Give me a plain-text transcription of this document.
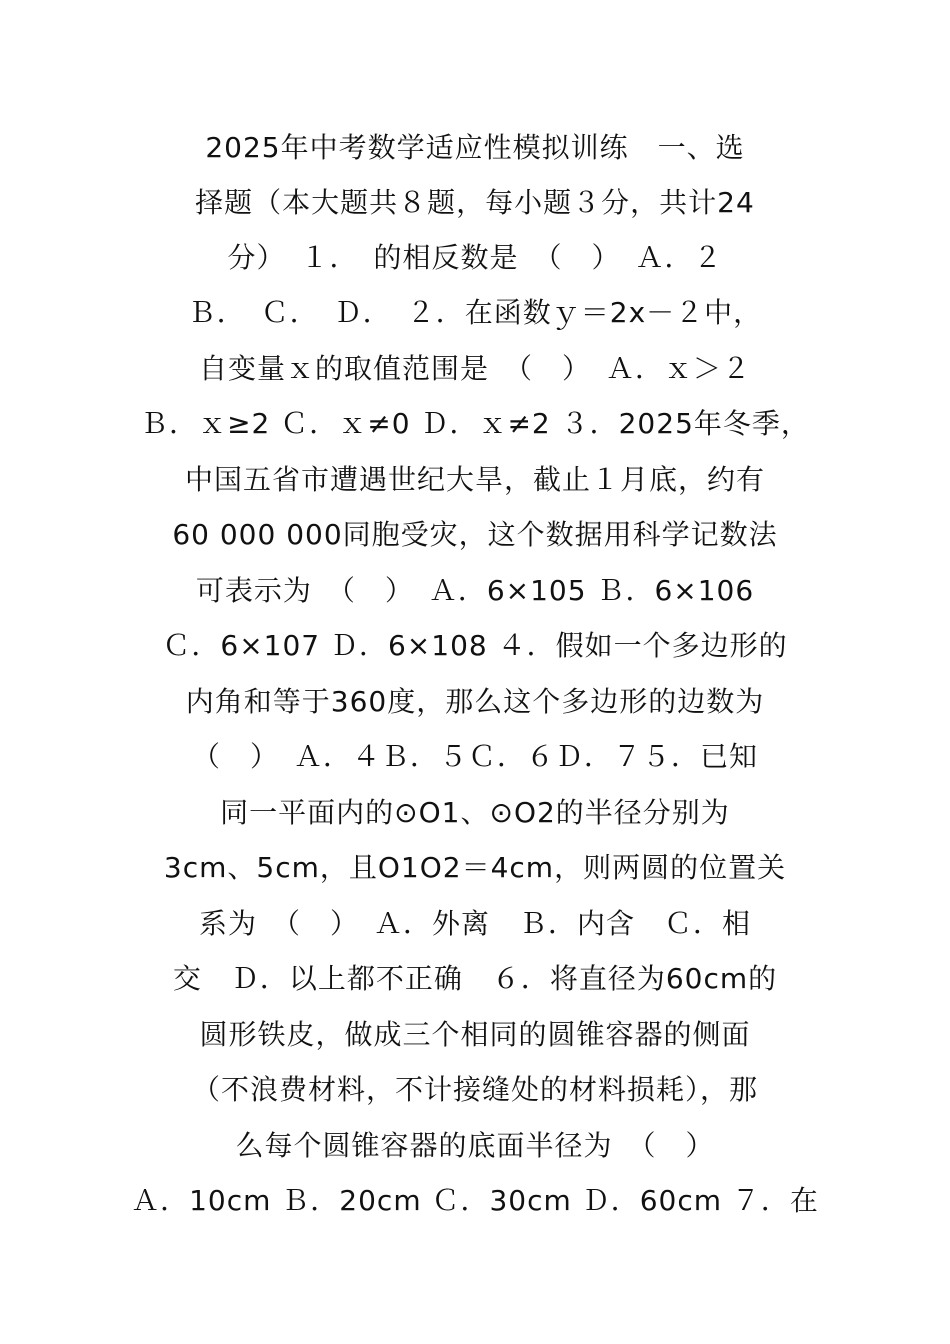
2025年中考数学适应性模拟训练　一、选
择题（本大题共８题，每小题３分，共计24
分）　１．　的相反数是　（　）　Ａ．２
Ｂ．　Ｃ．　Ｄ．　２．在函数ｙ＝2x－２中，
自变量ｘ的取值范围是　（　）　Ａ．ｘ＞２
Ｂ．ｘ≥2 Ｃ．ｘ≠0 Ｄ．ｘ≠2 ３．2025年冬季，
中国五省市遭遇世纪大旱，截止１月底，约有
60 000 000同胞受灾，这个数据用科学记数法
可表示为　（　）　Ａ．6×105 Ｂ．6×106
Ｃ．6×107 Ｄ．6×108 ４．假如一个多边形的
内角和等于360度，那么这个多边形的边数为
（　）　Ａ．４Ｂ．５Ｃ．６Ｄ．７５．已知
同一平面内的⊙O1、⊙O2的半径分别为
3cm、5cm，且O1O2＝4cm，则两圆的位置关
系为　（　）　Ａ．外离　Ｂ．内含　Ｃ．相
交　Ｄ．以上都不正确　６．将直径为60cm的
圆形铁皮，做成三个相同的圆锥容器的侧面
（不浪费材料，不计接缝处的材料损耗），那
么每个圆锥容器的底面半径为　（　）
Ａ．10cm Ｂ．20cm Ｃ．30cm Ｄ．60cm ７．在
